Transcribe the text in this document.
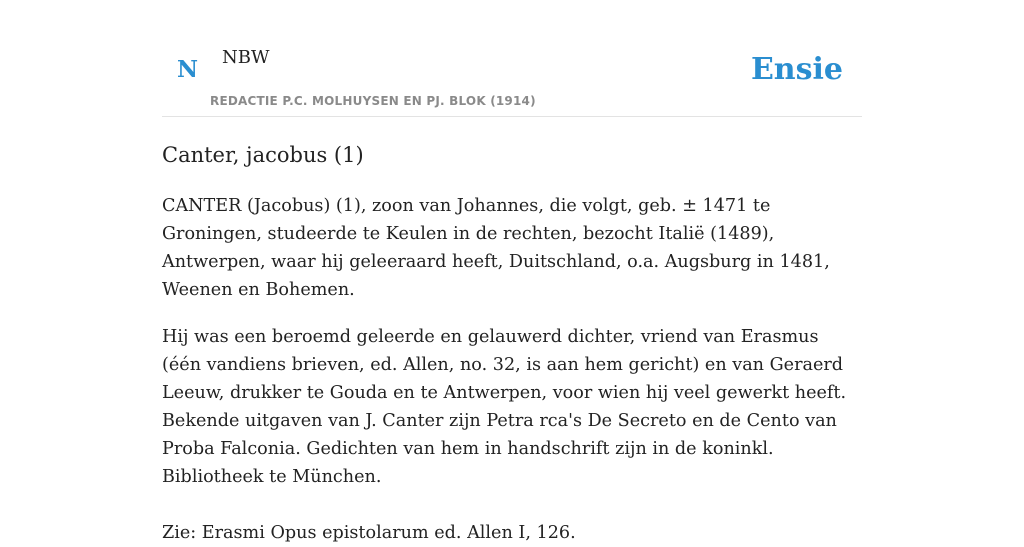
N NBW
REDACTIE P.C. MOLHUYSEN EN PJ. BLOK (1914)
Ensie
Canter, jacobus (1)

CANTER (Jacobus) (1), zoon van Johannes, die volgt, geb. ± 1471 te Groningen, studeerde te Keulen in de rechten, bezocht Italië (1489), Antwerpen, waar hij geleeraard heeft, Duitschland, o.a. Augsburg in 1481, Weenen en Bohemen.

Hij was een beroemd geleerde en gelauwerd dichter, vriend van Erasmus (één vandiens brieven, ed. Allen, no. 32, is aan hem gericht) en van Geraerd Leeuw, drukker te Gouda en te Antwerpen, voor wien hij veel gewerkt heeft. Bekende uitgaven van J. Canter zijn Petra rca's De Secreto en de Cento van Proba Falconia. Gedichten van hem in handschrift zijn in de koninkl. Bibliotheek te München.

Zie: Erasmi Opus epistolarum ed. Allen I, 126.
